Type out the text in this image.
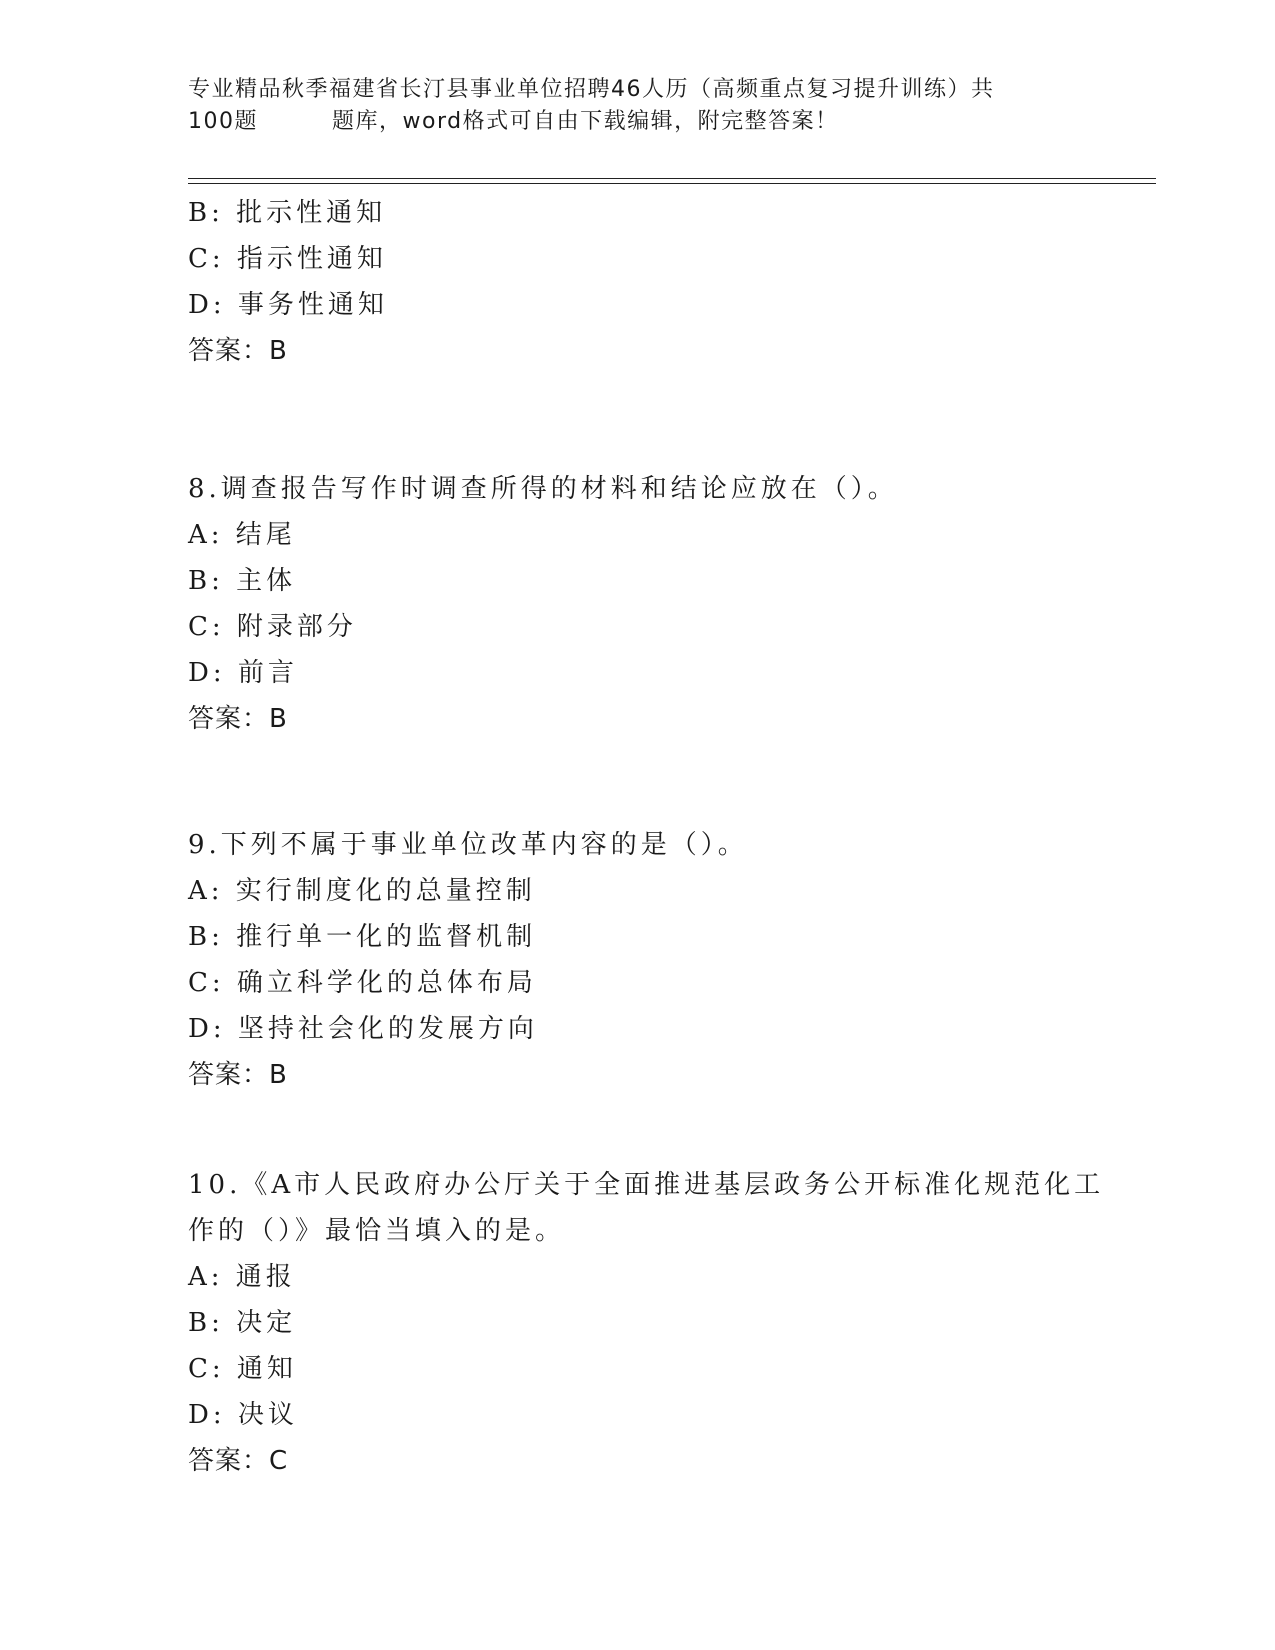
专业精品秋季福建省长汀县事业单位招聘46人历（高频重点复习提升训练）共
100题	题库，word格式可自由下载编辑，附完整答案！
B: 批示性通知
C: 指示性通知
D: 事务性通知
答案：B
8.调查报告写作时调查所得的材料和结论应放在（）。
A: 结尾
B: 主体
C: 附录部分
D: 前言
答案：B
9.下列不属于事业单位改革内容的是（）。
A: 实行制度化的总量控制
B: 推行单一化的监督机制
C: 确立科学化的总体布局
D: 坚持社会化的发展方向
答案：B
10.《A市人民政府办公厅关于全面推进基层政务公开标准化规范化工
作的（）》最恰当填入的是。
A: 通报
B: 决定
C: 通知
D: 决议
答案：C
